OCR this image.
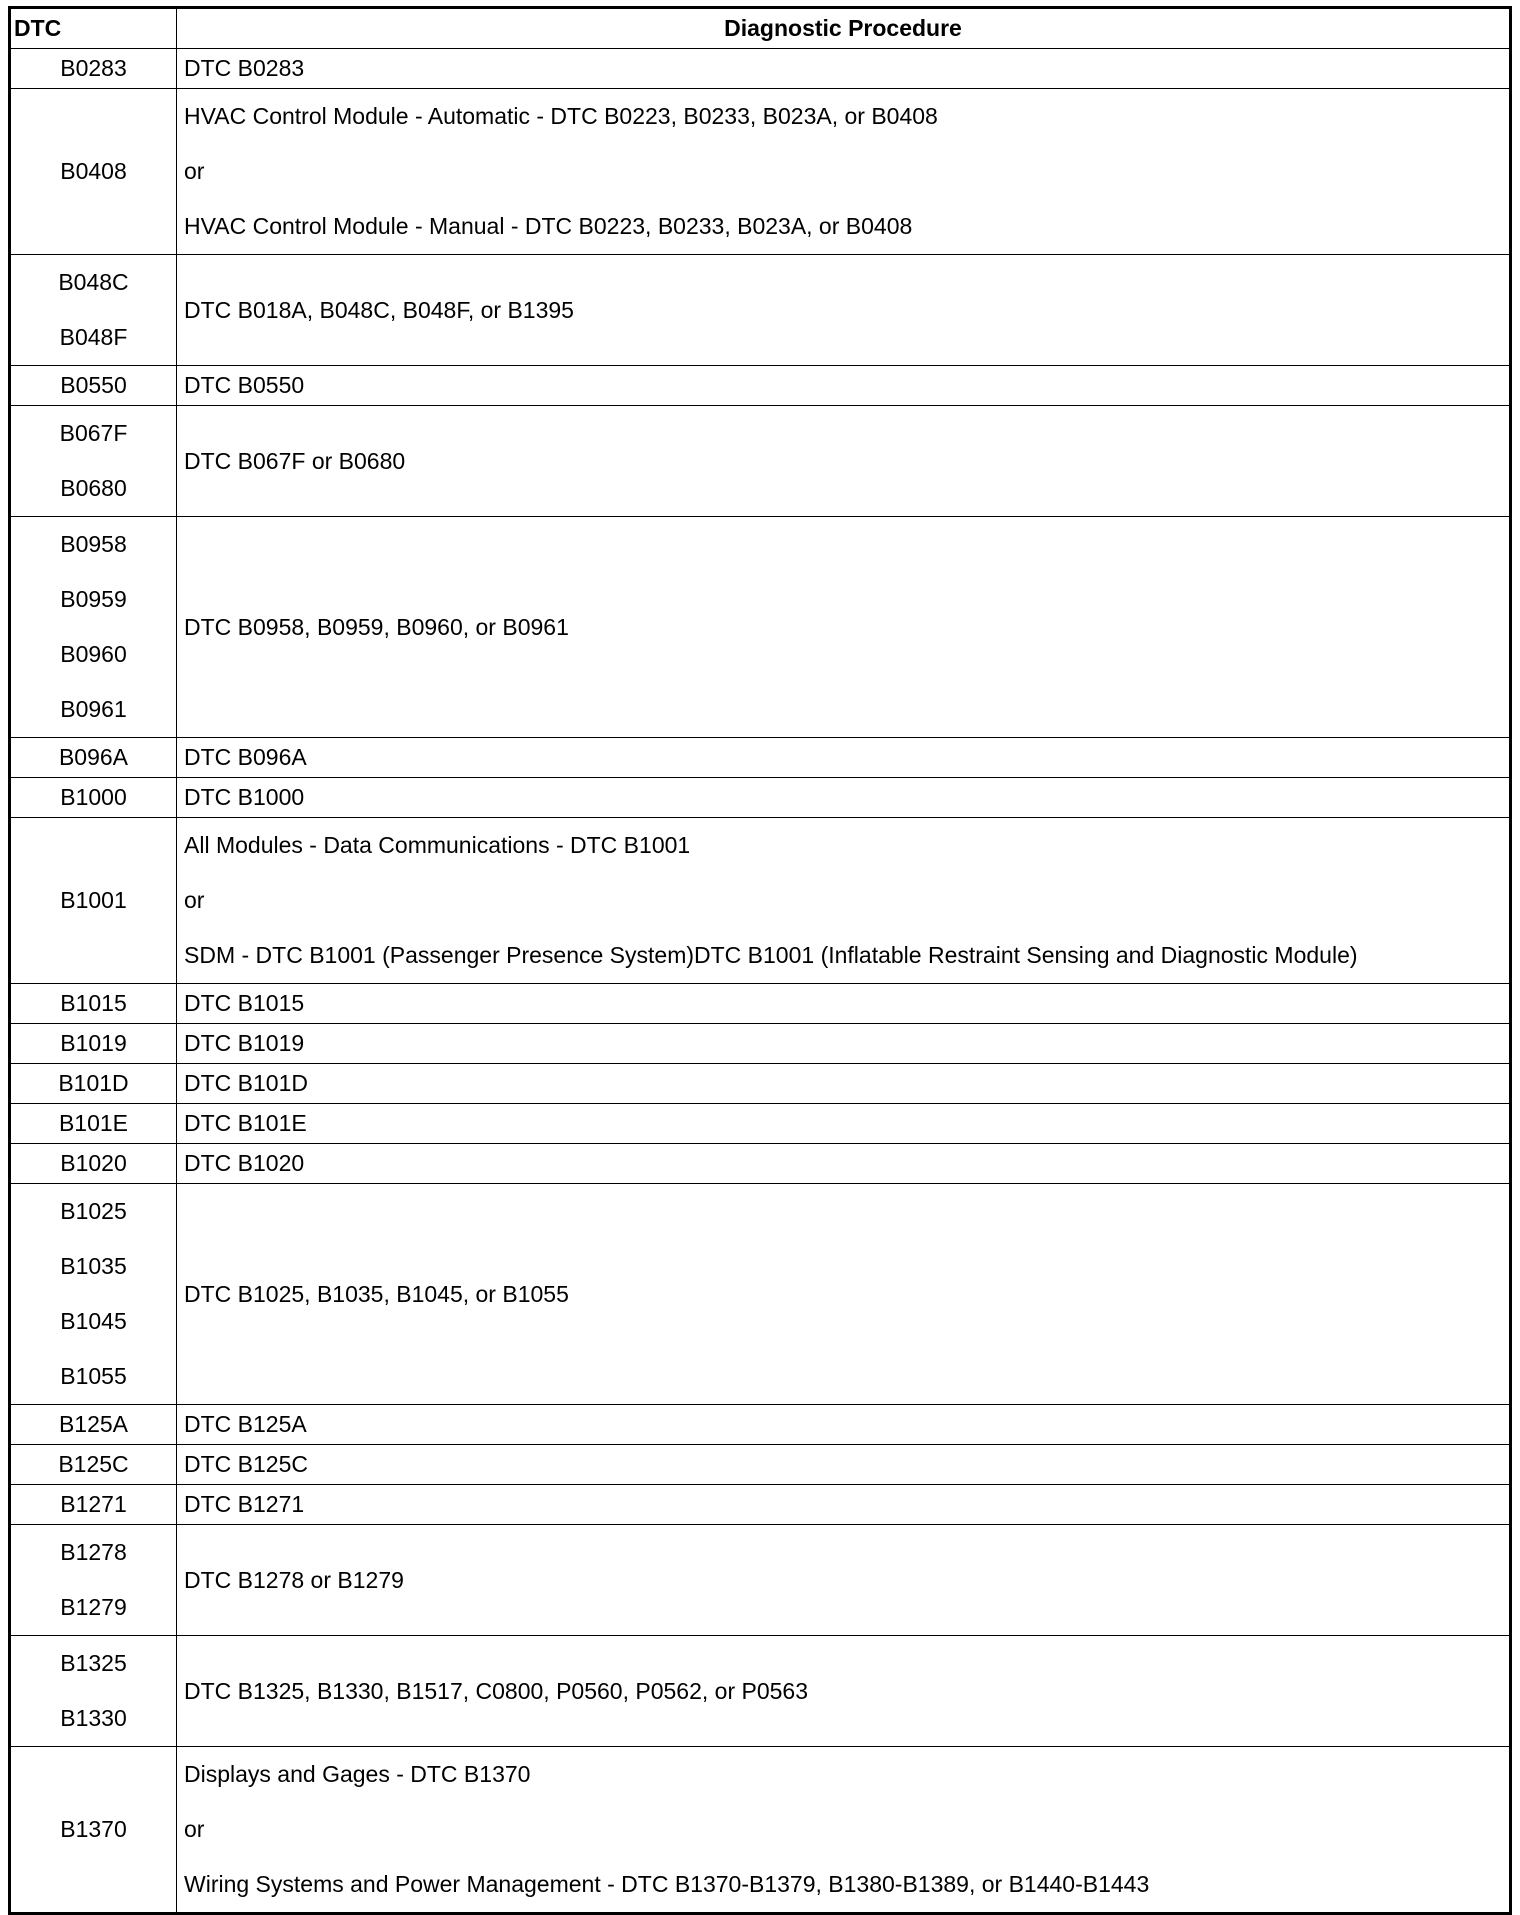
DTC	Diagnostic Procedure

B0283	DTC B0283

B0408	HVAC Control Module - Automatic - DTC B0223, B0233, B023A, or B0408
or
HVAC Control Module - Manual - DTC B0223, B0233, B023A, or B0408

B048C
B048F	DTC B018A, B048C, B048F, or B1395

B0550	DTC B0550

B067F
B0680	DTC B067F or B0680

B0958
B0959
B0960
B0961	DTC B0958, B0959, B0960, or B0961

B096A	DTC B096A

B1000	DTC B1000

B1001	All Modules - Data Communications - DTC B1001
or
SDM - DTC B1001 (Passenger Presence System)DTC B1001 (Inflatable Restraint Sensing and Diagnostic Module)

B1015	DTC B1015

B1019	DTC B1019

B101D	DTC B101D

B101E	DTC B101E

B1020	DTC B1020

B1025
B1035
B1045
B1055	DTC B1025, B1035, B1045, or B1055

B125A	DTC B125A

B125C	DTC B125C

B1271	DTC B1271

B1278
B1279	DTC B1278 or B1279

B1325
B1330	DTC B1325, B1330, B1517, C0800, P0560, P0562, or P0563

B1370	Displays and Gages - DTC B1370
or
Wiring Systems and Power Management - DTC B1370-B1379, B1380-B1389, or B1440-B1443
